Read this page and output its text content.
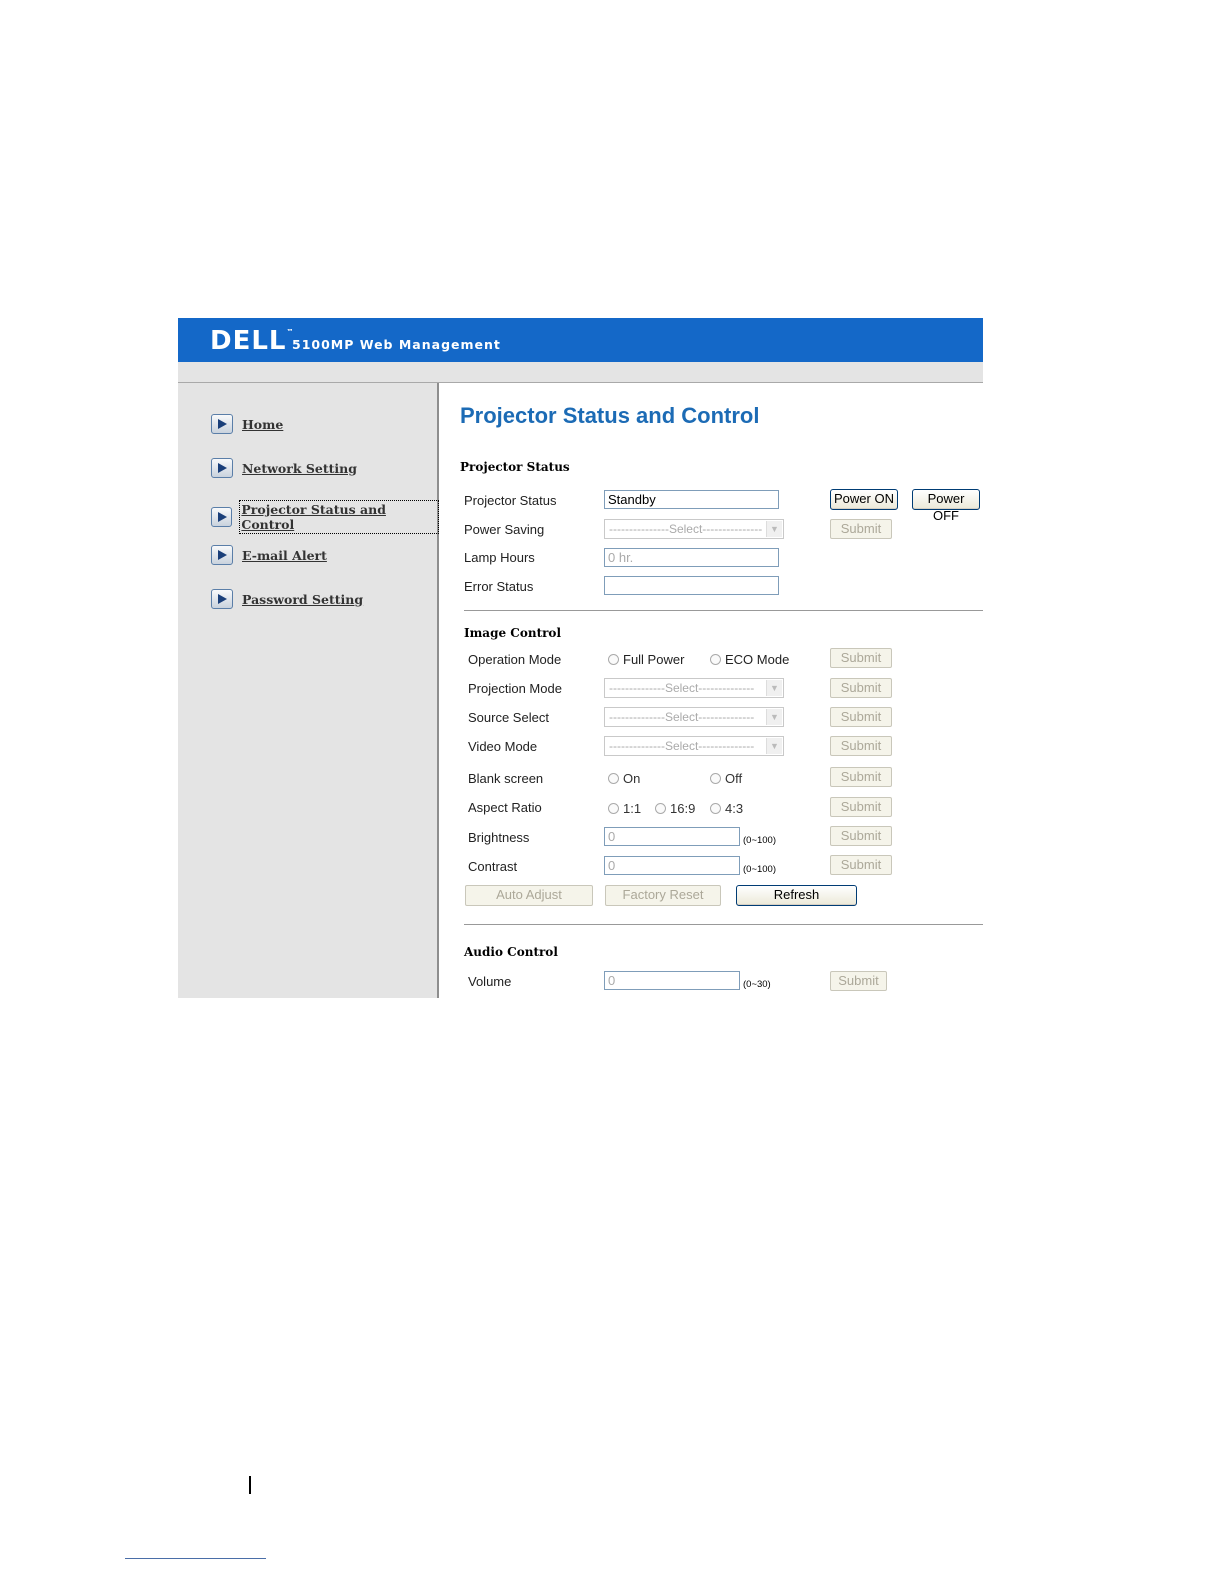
DELL™
5100MP Web Management
Home
Network Setting
Projector Status and Control
E-mail Alert
Password Setting
Projector Status and Control
Projector Status
Projector Status	Standby	Power ON	Power OFF
Power Saving	---------------Select--------------- ▼	Submit
Lamp Hours	0 hr.
Error Status
Image Control
Operation Mode	Full Power	ECO Mode	Submit
Projection Mode	--------------Select--------------	▼	Submit
Source Select	--------------Select--------------	▼	Submit
Video Mode	--------------Select--------------	▼	Submit
Blank screen	On	Off	Submit
Aspect Ratio	1:1 16:9 4:3	Submit
Brightness	0	(0~100)	Submit
Contrast	0	(0~100)	Submit
Auto Adjust	Factory Reset	Refresh
Audio Control
Volume	0	(0~30)	Submit
